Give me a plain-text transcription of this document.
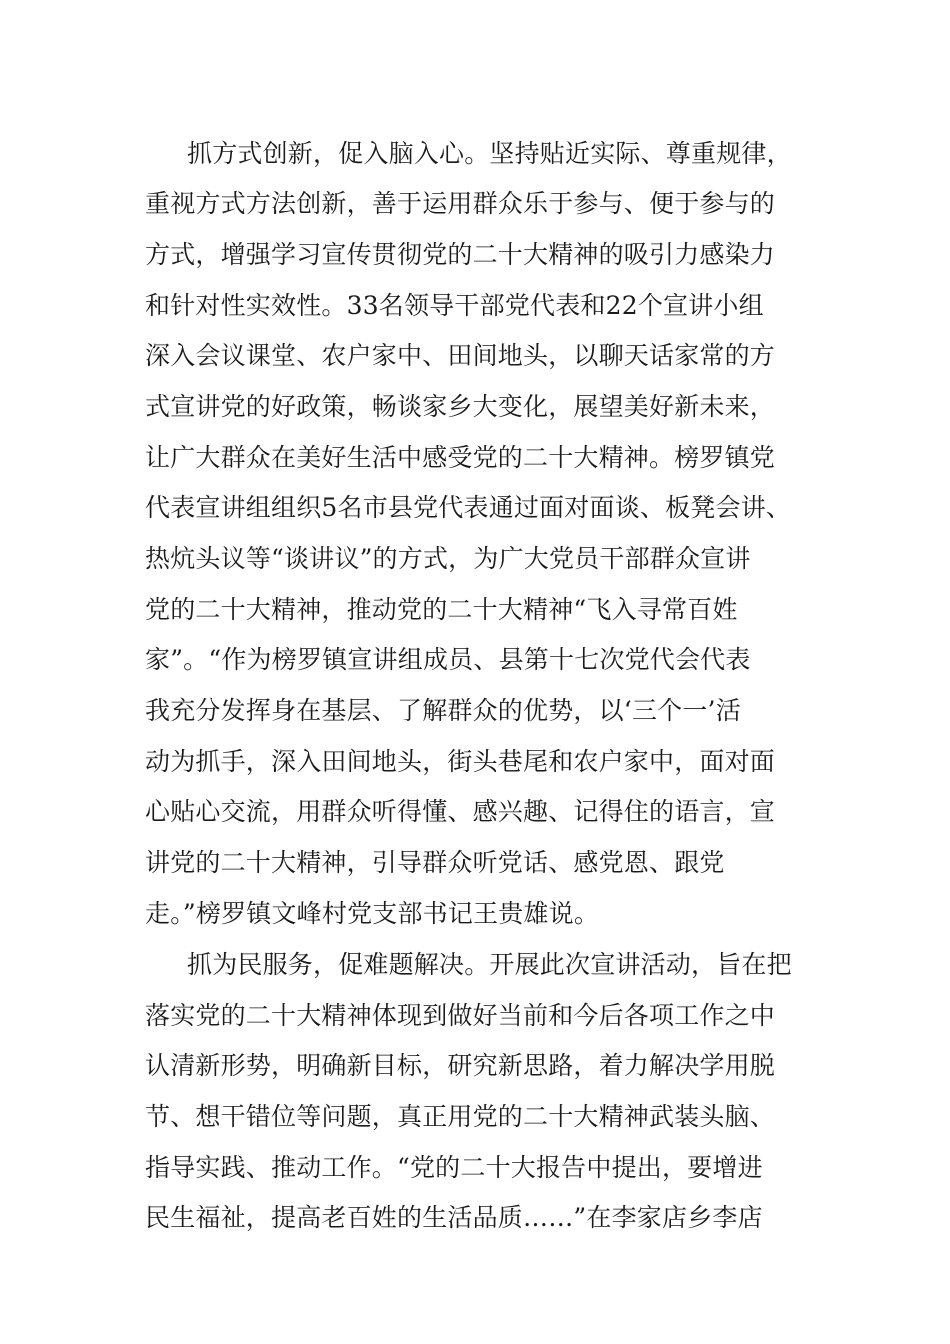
抓方式创新，促入脑入心。坚持贴近实际、尊重规律，
重视方式方法创新，善于运用群众乐于参与、便于参与的
方式，增强学习宣传贯彻党的二十大精神的吸引力感染力
和针对性实效性。33名领导干部党代表和22个宣讲小组
深入会议课堂、农户家中、田间地头，以聊天话家常的方
式宣讲党的好政策，畅谈家乡大变化，展望美好新未来，
让广大群众在美好生活中感受党的二十大精神。榜罗镇党
代表宣讲组组织5名市县党代表通过面对面谈、板凳会讲、
热炕头议等“谈讲议”的方式，为广大党员干部群众宣讲
党的二十大精神，推动党的二十大精神“飞入寻常百姓
家”。“作为榜罗镇宣讲组成员、县第十七次党代会代表
我充分发挥身在基层、了解群众的优势，以‘三个一’活
动为抓手，深入田间地头，街头巷尾和农户家中，面对面
心贴心交流，用群众听得懂、感兴趣、记得住的语言，宣
讲党的二十大精神，引导群众听党话、感党恩、跟党
走。”榜罗镇文峰村党支部书记王贵雄说。
抓为民服务，促难题解决。开展此次宣讲活动，旨在把
落实党的二十大精神体现到做好当前和今后各项工作之中
认清新形势，明确新目标，研究新思路，着力解决学用脱
节、想干错位等问题，真正用党的二十大精神武装头脑、
指导实践、推动工作。“党的二十大报告中提出，要增进
民生福祉，提高老百姓的生活品质……”在李家店乡李店
